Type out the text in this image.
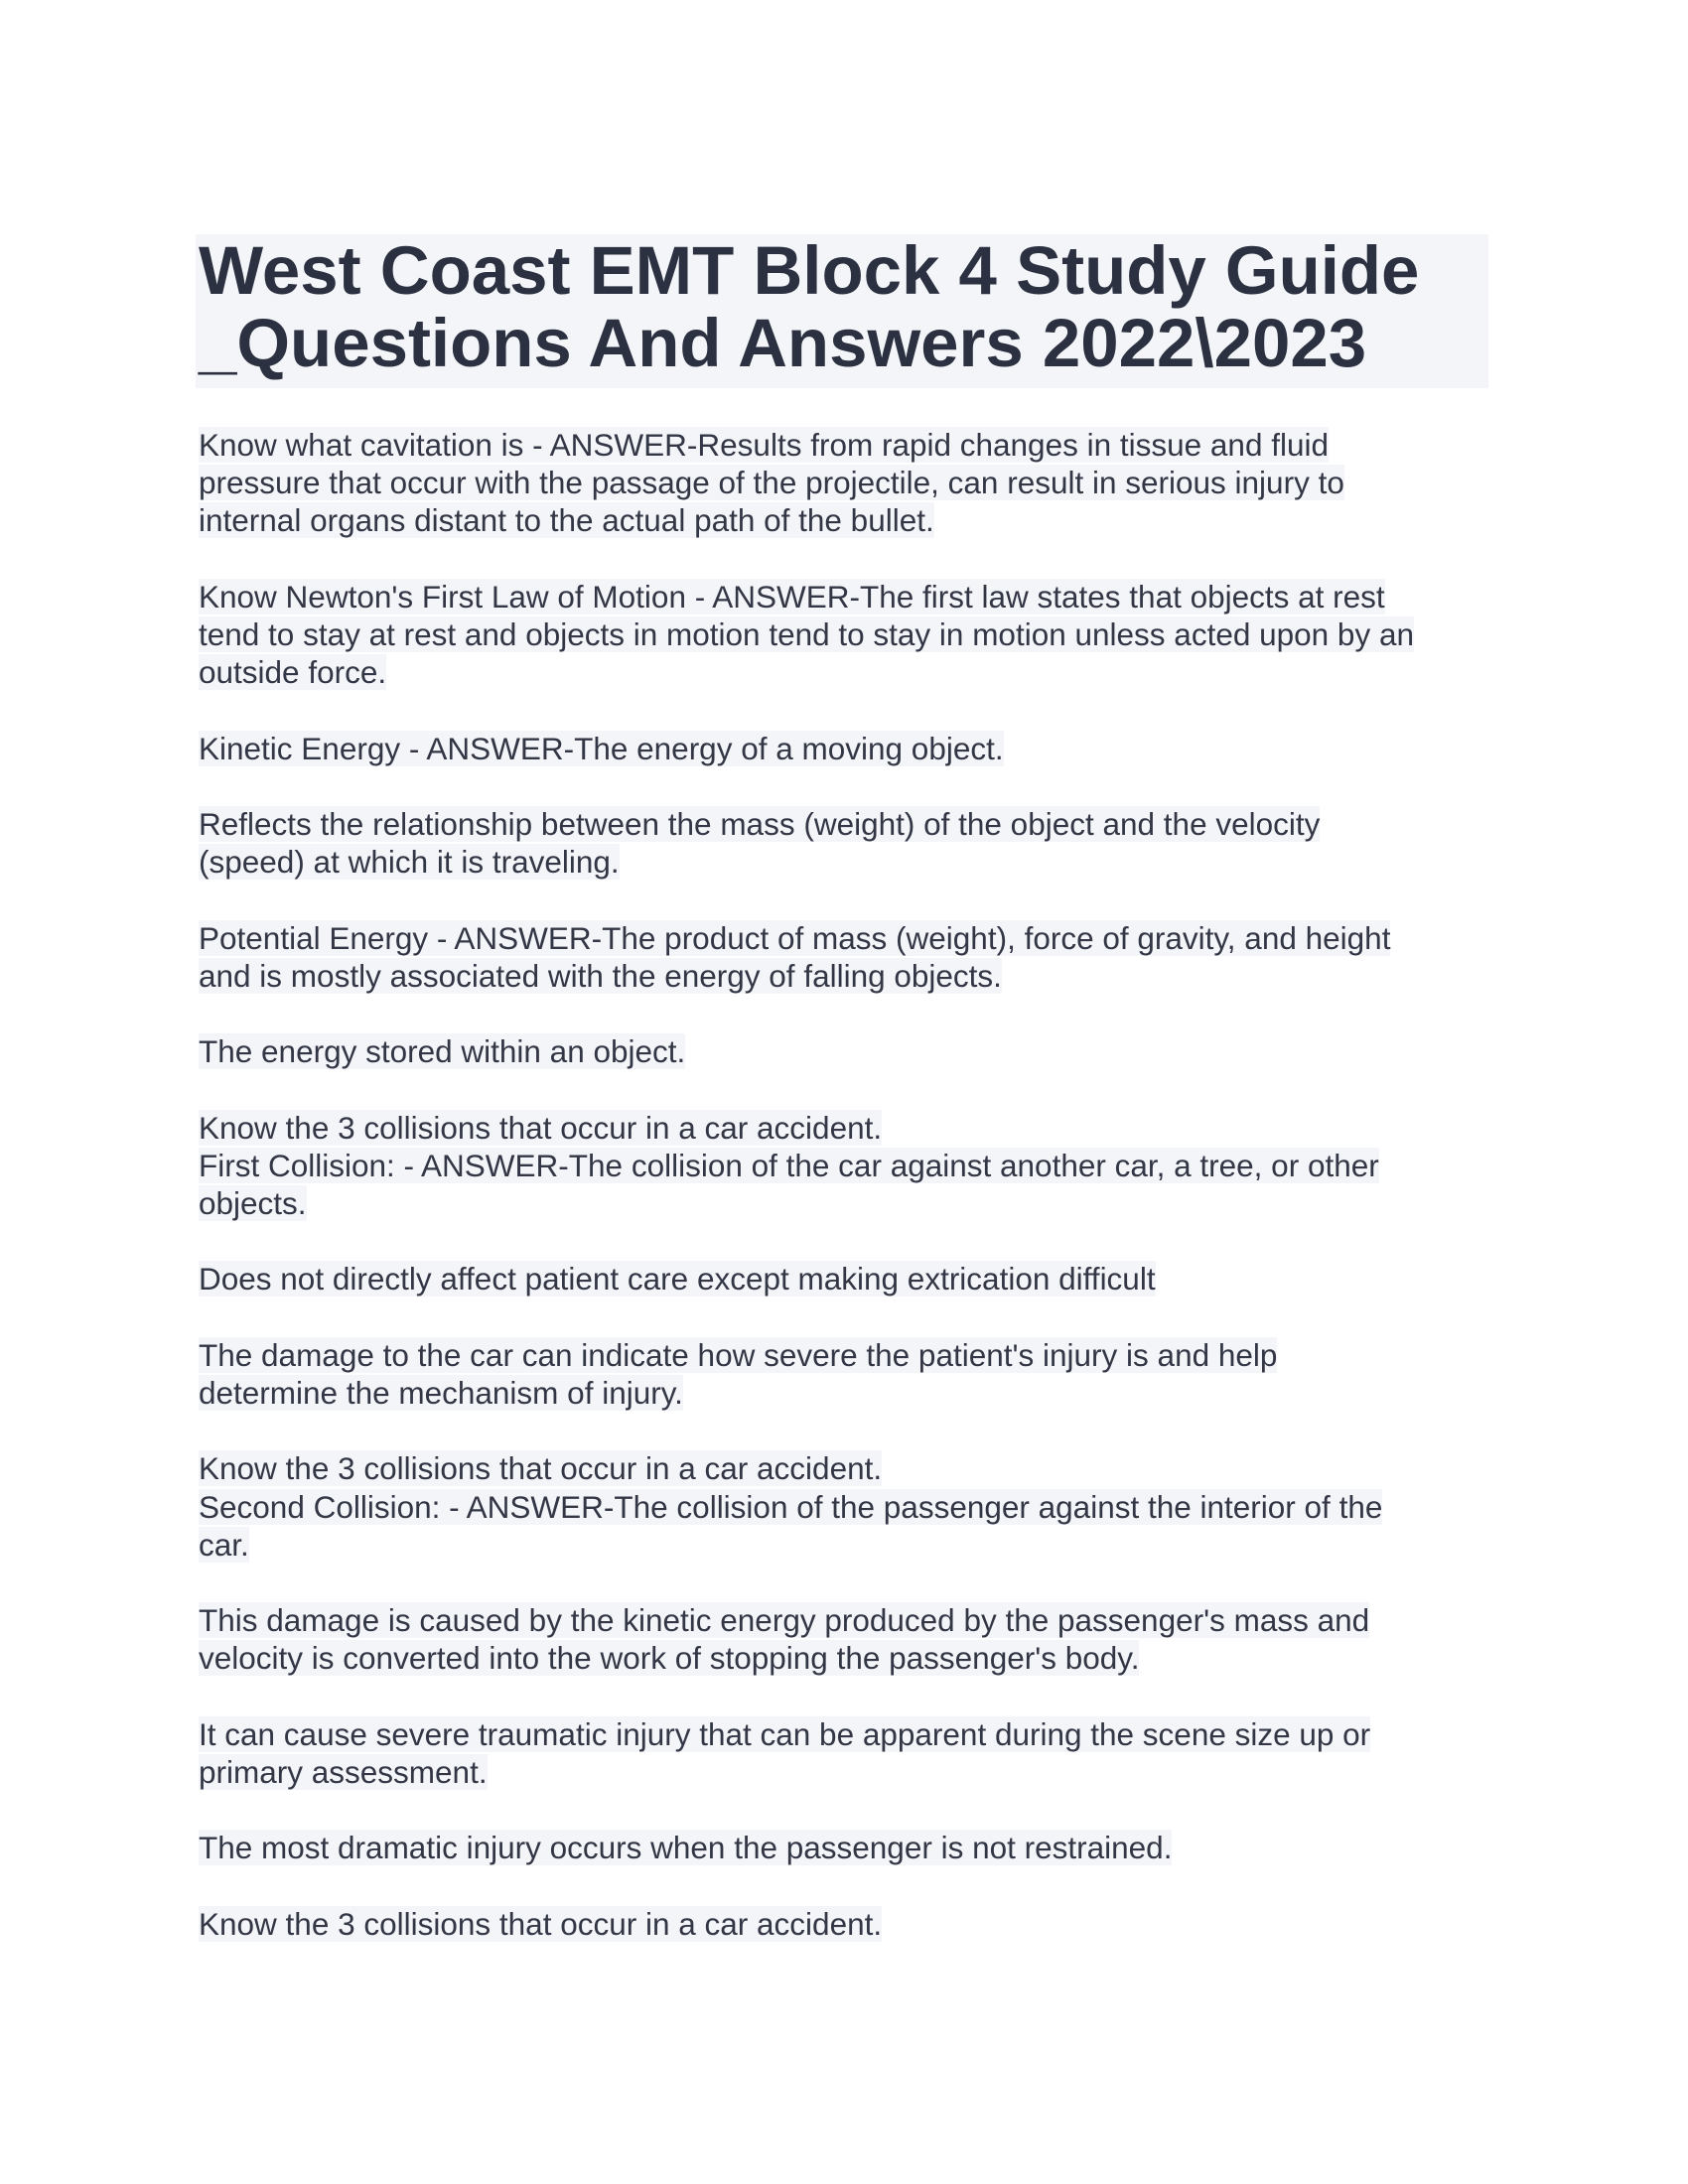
West Coast EMT Block 4 Study Guide
_Questions And Answers 2022\2023

Know what cavitation is - ANSWER-Results from rapid changes in tissue and fluid
pressure that occur with the passage of the projectile, can result in serious injury to
internal organs distant to the actual path of the bullet.

Know Newton's First Law of Motion - ANSWER-The first law states that objects at rest
tend to stay at rest and objects in motion tend to stay in motion unless acted upon by an
outside force.

Kinetic Energy - ANSWER-The energy of a moving object.

Reflects the relationship between the mass (weight) of the object and the velocity
(speed) at which it is traveling.

Potential Energy - ANSWER-The product of mass (weight), force of gravity, and height
and is mostly associated with the energy of falling objects.

The energy stored within an object.

Know the 3 collisions that occur in a car accident.
First Collision: - ANSWER-The collision of the car against another car, a tree, or other
objects.

Does not directly affect patient care except making extrication difficult

The damage to the car can indicate how severe the patient's injury is and help
determine the mechanism of injury.

Know the 3 collisions that occur in a car accident.
Second Collision: - ANSWER-The collision of the passenger against the interior of the
car.

This damage is caused by the kinetic energy produced by the passenger's mass and
velocity is converted into the work of stopping the passenger's body.

It can cause severe traumatic injury that can be apparent during the scene size up or
primary assessment.

The most dramatic injury occurs when the passenger is not restrained.

Know the 3 collisions that occur in a car accident.
